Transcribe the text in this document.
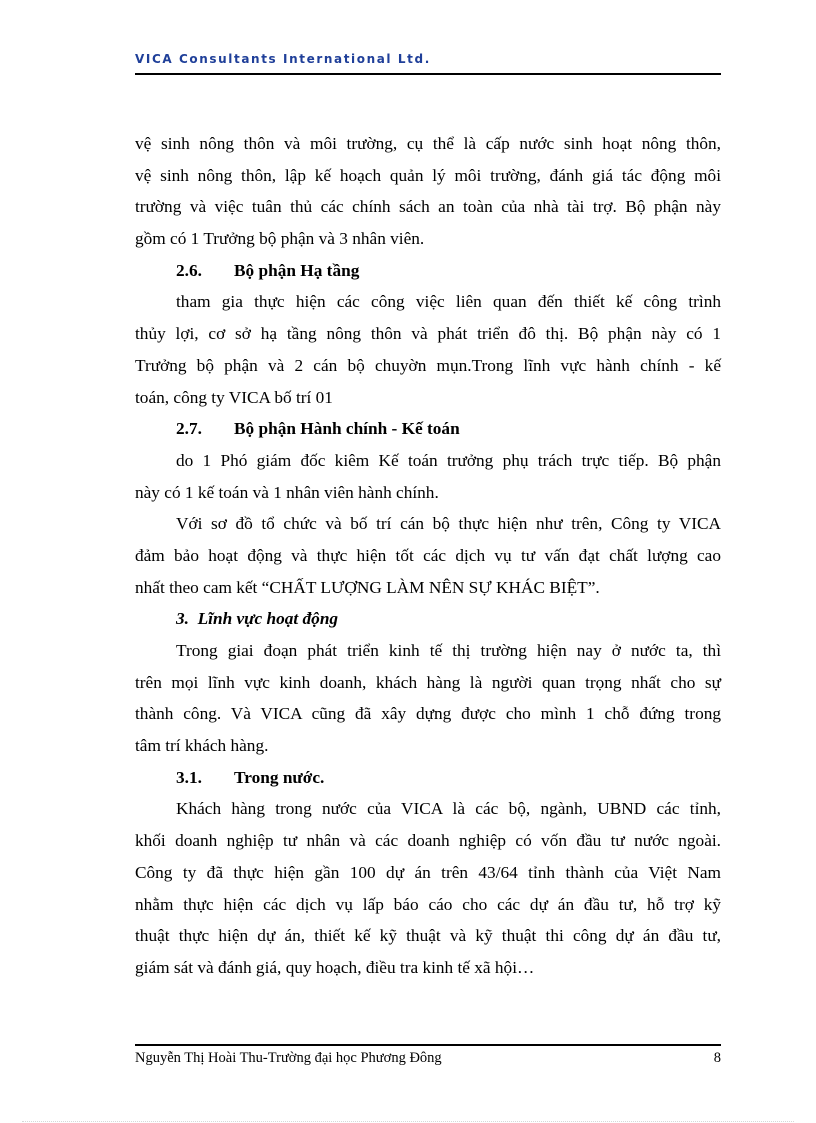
VICA Consultants International Ltd.
vệ sinh nông thôn và môi trường, cụ thể là cấp nước sinh hoạt nông thôn,
vệ sinh nông thôn, lập kế hoạch quản lý môi trường, đánh giá tác động môi
trường và việc tuân thủ các chính sách an toàn của nhà tài trợ. Bộ phận này
gồm có 1 Trưởng bộ phận và 3 nhân viên.
2.6. Bộ phận Hạ tầng
tham gia thực hiện các công việc liên quan đến thiết kế công trình
thủy lợi, cơ sở hạ tầng nông thôn và phát triển đô thị. Bộ phận này có 1
Trưởng bộ phận và 2 cán bộ chuyờn mụn.Trong lĩnh vực hành chính - kế
toán, công ty VICA bố trí 01
2.7. Bộ phận Hành chính - Kế toán
do 1 Phó giám đốc kiêm Kế toán trưởng phụ trách trực tiếp. Bộ phận
này có 1 kế toán và 1 nhân viên hành chính.
Với sơ đồ tổ chức và bố trí cán bộ thực hiện như trên, Công ty VICA
đảm bảo hoạt động và thực hiện tốt các dịch vụ tư vấn đạt chất lượng cao
nhất theo cam kết “CHẤT LƯỢNG LÀM NÊN SỰ KHÁC BIỆT”.
3. Lĩnh vực hoạt động
Trong giai đoạn phát triển kinh tế thị trường hiện nay ở nước ta, thì
trên mọi lĩnh vực kinh doanh, khách hàng là người quan trọng nhất cho sự
thành công. Và VICA cũng đã xây dựng được cho mình 1 chỗ đứng trong
tâm trí khách hàng.
3.1. Trong nước.
Khách hàng trong nước của VICA là các bộ, ngành, UBND các tỉnh,
khối doanh nghiệp tư nhân và các doanh nghiệp có vốn đầu tư nước ngoài.
Công ty đã thực hiện gần 100 dự án trên 43/64 tỉnh thành của Việt Nam
nhằm thực hiện các dịch vụ lấp báo cáo cho các dự án đầu tư, hỗ trợ kỹ
thuật thực hiện dự án, thiết kế kỹ thuật và kỹ thuật thi công dự án đầu tư,
giám sát và đánh giá, quy hoạch, điều tra kinh tế xã hội…
Nguyễn Thị Hoài Thu-Trường đại học Phương Đông	8
